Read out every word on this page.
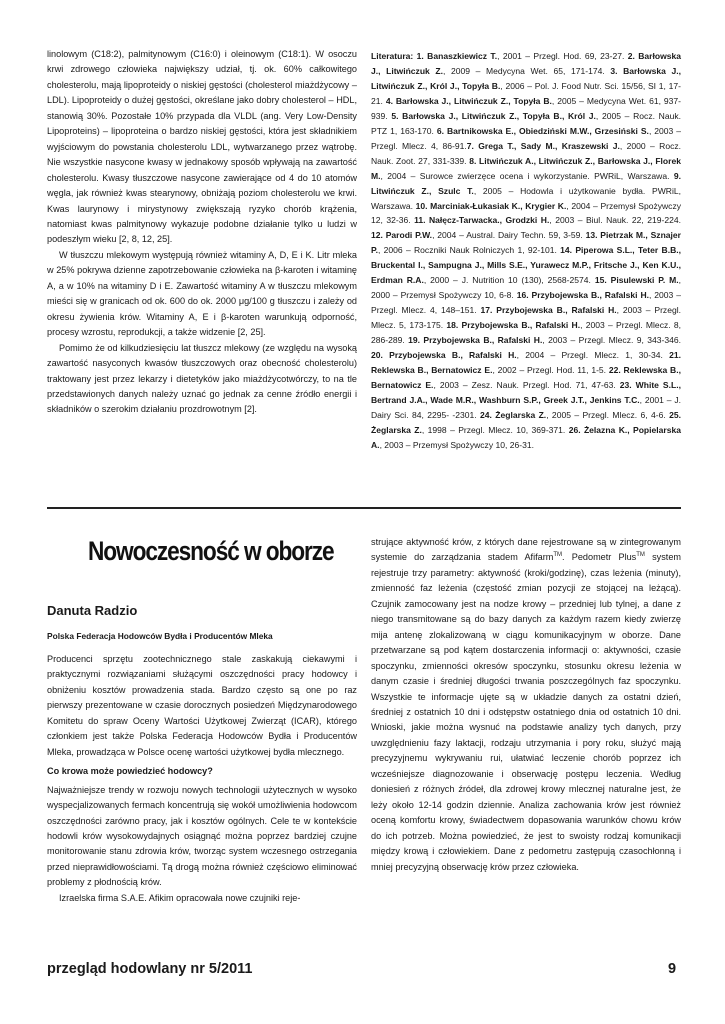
linolowym (C18:2), palmitynowym (C16:0) i oleinowym (C18:1). W osoczu krwi zdrowego człowieka największy udział, tj. ok. 60% całkowitego cholesterolu, mają lipoproteidy o niskiej gęstości (cholesterol miażdżycowy – LDL). Lipoproteidy o dużej gęstości, określane jako dobry cholesterol – HDL, stanowią 30%. Pozostałe 10% przypada dla VLDL (ang. Very Low-Density Lipoproteins) – lipoproteina o bardzo niskiej gęstości, która jest składnikiem wyjściowym do powstania cholesterolu LDL, wytwarzanego przez wątrobę. Nie wszystkie nasycone kwasy w jednakowy sposób wpływają na zawartość cholesterolu. Kwasy tłuszczowe nasycone zawierające od 4 do 10 atomów węgla, jak również kwas stearynowy, obniżają poziom cholesterolu we krwi. Kwas laurynowy i mirystynowy zwiększają ryzyko chorób krążenia, natomiast kwas palmitynowy wykazuje podobne działanie tylko u ludzi w podeszłym wieku [2, 8, 12, 25].

W tłuszczu mlekowym występują również witaminy A, D, E i K. Litr mleka w 25% pokrywa dzienne zapotrzebowanie człowieka na β-karoten i witaminę A, a w 10% na witaminy D i E. Zawartość witaminy A w tłuszczu mlekowym mieści się w granicach od ok. 600 do ok. 2000 μg/100 g tłuszczu i zależy od okresu żywienia krów. Witaminy A, E i β-karoten warunkują odporność, procesy wzrostu, reprodukcji, a także widzenie [2, 25].

Pomimo że od kilkudziesięciu lat tłuszcz mlekowy (ze względu na wysoką zawartość nasyconych kwasów tłuszczowych oraz obecność cholesterolu) traktowany jest przez lekarzy i dietetyków jako miażdżycotwórczy, to na tle przedstawionych danych należy uznać go jednak za cenne źródło energii i składników o szerokim działaniu prozdrowotnym [2].

Literatura: 1. Banaszkiewicz T., 2001 – Przegl. Hod. 69, 23-27. 2. Barłowska J., Litwińczuk Z., 2009 – Medycyna Wet. 65, 171-174. 3. Barłowska J., Litwińczuk Z., Król J., Topyła B., 2006 – Pol. J. Food Nutr. Sci. 15/56, SI 1, 17-21. 4. Barłowska J., Litwińczuk Z., Topyła B., 2005 – Medycyna Wet. 61, 937-939. 5. Barłowska J., Litwińczuk Z., Topyła B., Król J., 2005 – Rocz. Nauk. PTZ 1, 163-170. 6. Bartnikowska E., Obiedziński M.W., Grzesiński S., 2003 – Przegl. Mlecz. 4, 86-91.7. Grega T., Sady M., Kraszewski J., 2000 – Rocz. Nauk. Zoot. 27, 331-339. 8. Litwińczuk A., Litwińczuk Z., Barłowska J., Florek M., 2004 – Surowce zwierzęce ocena i wykorzystanie. PWRiL, Warszawa. 9. Litwińczuk Z., Szulc T., 2005 – Hodowla i użytkowanie bydła. PWRiL, Warszawa. 10. Marciniak-Łukasiak K., Krygier K., 2004 – Przemysł Spożywczy 12, 32-36. 11. Nałęcz-Tarwacka., Grodzki H., 2003 – Biul. Nauk. 22, 219-224. 12. Parodi P.W., 2004 – Austral. Dairy Techn. 59, 3-59. 13. Pietrzak M., Sznajer P., 2006 – Roczniki Nauk Rolniczych 1, 92-101. 14. Piperowa S.L., Teter B.B., Bruckental I., Sampugna J., Mills S.E., Yurawecz M.P., Fritsche J., Ken K.U., Erdman R.A., 2000 – J. Nutrition 10 (130), 2568-2574. 15. Pisulewski P. M., 2000 – Przemysł Spożywczy 10, 6-8. 16. Przybojewska B., Rafalski H., 2003 – Przegl. Mlecz. 4, 148–151. 17. Przybojewska B., Rafalski H., 2003 – Przegl. Mlecz. 5, 173-175. 18. Przybojewska B., Rafalski H., 2003 – Przegl. Mlecz. 8, 286-289. 19. Przybojewska B., Rafalski H., 2003 – Przegl. Mlecz. 9, 343-346. 20. Przybojewska B., Rafalski H., 2004 – Przegl. Mlecz. 1, 30-34. 21. Reklewska B., Bernatowicz E., 2002 – Przegl. Hod. 11, 1-5. 22. Reklewska B., Bernatowicz E., 2003 – Zesz. Nauk. Przegl. Hod. 71, 47-63. 23. White S.L., Bertrand J.A., Wade M.R., Washburn S.P., Greek J.T., Jenkins T.C., 2001 – J. Dairy Sci. 84, 2295- -2301. 24. Żeglarska Z., 2005 – Przegl. Mlecz. 6, 4-6. 25. Żeglarska Z., 1998 – Przegl. Mlecz. 10, 369-371. 26. Żelazna K., Popielarska A., 2003 – Przemysł Spożywczy 10, 26-31.
Nowoczesność w oborze

Danuta Radzio

Polska Federacja Hodowców Bydła i Producentów Mleka

Producenci sprzętu zootechnicznego stale zaskakują ciekawymi i praktycznymi rozwiązaniami służącymi oszczędności pracy hodowcy i obniżeniu kosztów prowadzenia stada. Bardzo często są one po raz pierwszy prezentowane w czasie dorocznych posiedzeń Międzynarodowego Komitetu do spraw Oceny Wartości Użytkowej Zwierząt (ICAR), którego członkiem jest także Polska Federacja Hodowców Bydła i Producentów Mleka, prowadząca w Polsce ocenę wartości użytkowej bydła mlecznego.

Co krowa może powiedzieć hodowcy?

Najważniejsze trendy w rozwoju nowych technologii użytecznych w wysoko wyspecjalizowanych fermach koncentrują się wokół umożliwienia hodowcom oszczędności zarówno pracy, jak i kosztów ogólnych. Cele te w kontekście hodowli krów wysokowydajnych osiągnąć można poprzez bardziej czujne monitorowanie stanu zdrowia krów, tworząc system wczesnego ostrzegania przed nieprawidłowościami. Tą drogą można również częściowo eliminować problemy z płodnością krów.

Izraelska firma S.A.E. Afikim opracowała nowe czujniki reje-

strujące aktywność krów, z których dane rejestrowane są w zintegrowanym systemie do zarządzania stadem Afifarm™. Pedometr Plus™ system rejestruje trzy parametry: aktywność (kroki/godzinę), czas leżenia (minuty), zmienność faz leżenia (częstość zmian pozycji ze stojącej na leżącą). Czujnik zamocowany jest na nodze krowy – przedniej lub tylnej, a dane z niego transmitowane są do bazy danych za każdym razem kiedy zwierzę mija antenę zlokalizowaną w ciągu komunikacyjnym w oborze. Dane przetwarzane są pod kątem dostarczenia informacji o: aktywności, czasie spoczynku, zmienności okresów spoczynku, stosunku okresu leżenia w danym czasie i średniej długości trwania poszczególnych faz spoczynku. Wszystkie te informacje ujęte są w układzie danych za ostatni dzień, średniej z ostatnich 10 dni i odstępstw ostatniego dnia od ostatnich 10 dni. Wnioski, jakie można wysnuć na podstawie analizy tych danych, przy uwzględnieniu fazy laktacji, rodzaju utrzymania i pory roku, służyć mają precyzyjnemu wykrywaniu rui, ułatwiać leczenie chorób poprzez ich wcześniejsze diagnozowanie i obserwację postępu leczenia. Według doniesień z różnych źródeł, dla zdrowej krowy mlecznej naturalne jest, że leży około 12-14 godzin dziennie. Analiza zachowania krów jest również oceną komfortu krowy, świadectwem dopasowania warunków chowu krów do ich potrzeb. Można powiedzieć, że jest to swoisty rodzaj komunikacji między krową i człowiekiem. Dane z pedometru zastępują czasochłonną i mniej precyzyjną obserwację krów przez człowieka.

przegląd hodowlany nr 5/2011	9
